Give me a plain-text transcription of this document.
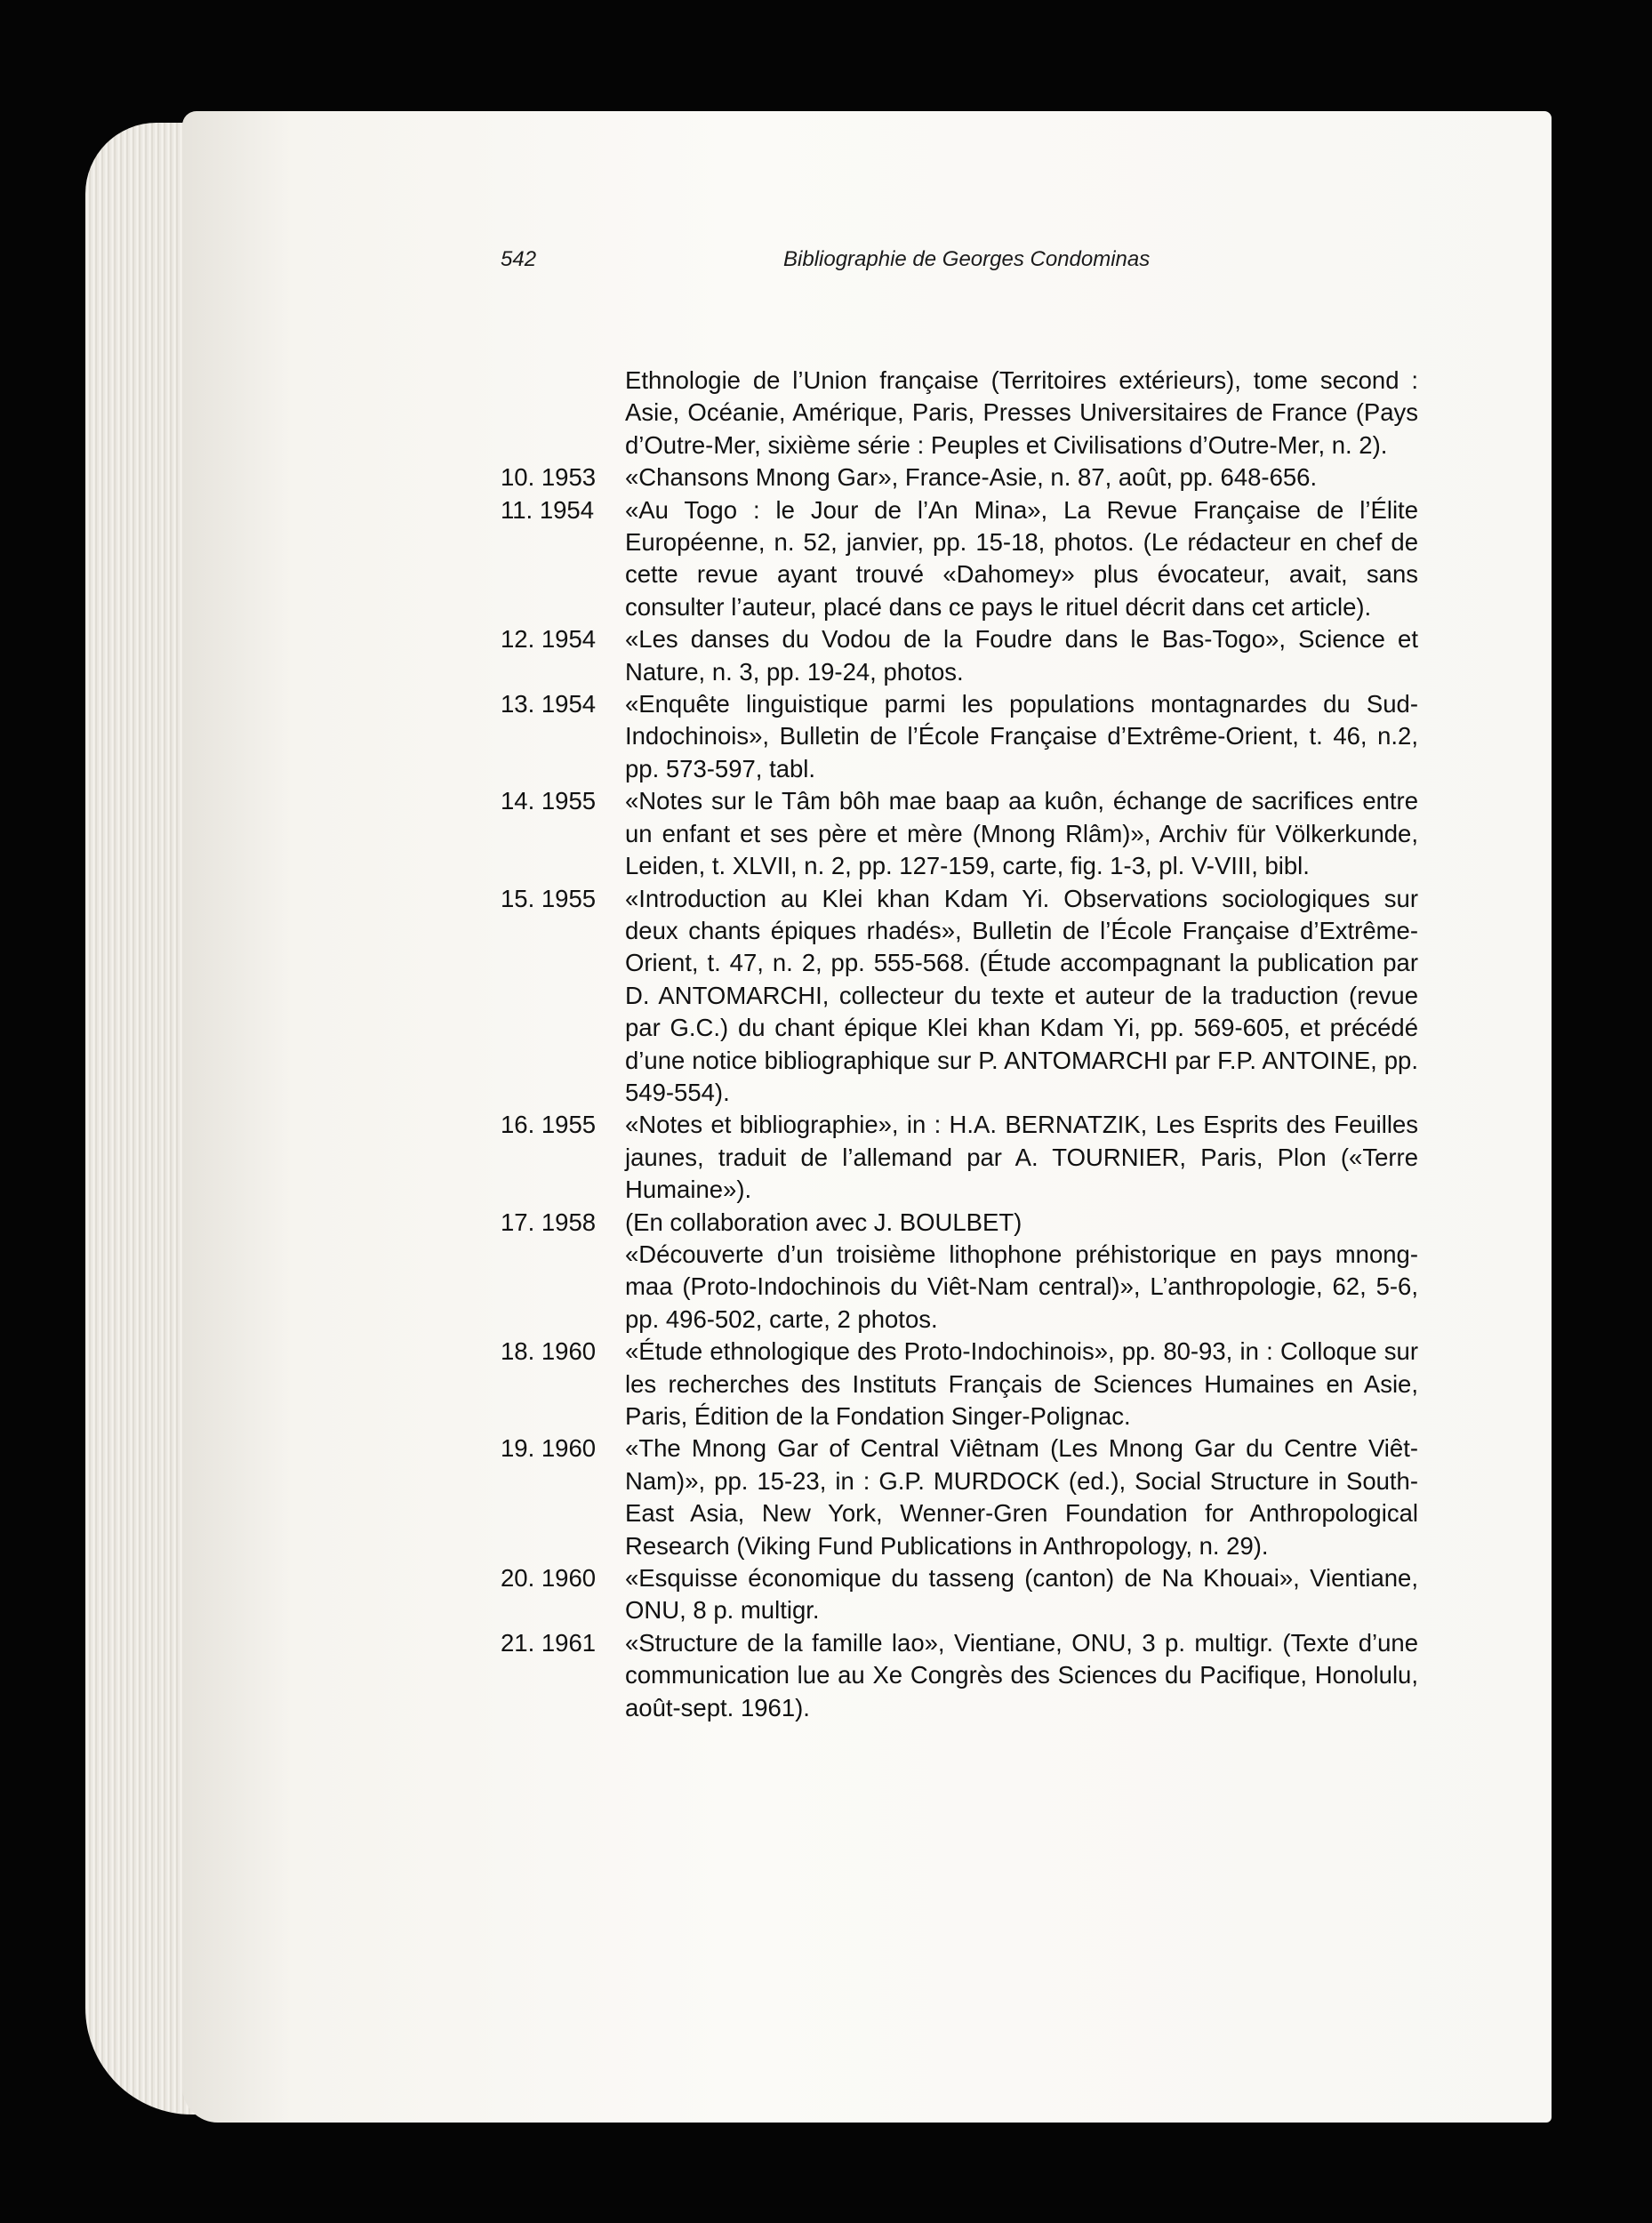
542	Bibliographie de Georges Condominas
Ethnologie de l’Union française (Territoires extérieurs), tome second : Asie, Océanie, Amérique, Paris, Presses Universitaires de France (Pays d’Outre-Mer, sixième série : Peuples et Civilisations d’Outre-Mer, n. 2).
10. 1953	«Chansons Mnong Gar», France-Asie, n. 87, août, pp. 648-656.
11. 1954	«Au Togo : le Jour de l’An Mina», La Revue Française de l’Élite Européenne, n. 52, janvier, pp. 15-18, photos. (Le rédacteur en chef de cette revue ayant trouvé «Dahomey» plus évocateur, avait, sans consulter l’auteur, placé dans ce pays le rituel décrit dans cet article).
12. 1954	«Les danses du Vodou de la Foudre dans le Bas-Togo», Science et Nature, n. 3, pp. 19-24, photos.
13. 1954	«Enquête linguistique parmi les populations montagnardes du Sud-Indochinois», Bulletin de l’École Française d’Extrême-Orient, t. 46, n.2, pp. 573-597, tabl.
14. 1955	«Notes sur le Tâm bôh mae baap aa kuôn, échange de sacrifices entre un enfant et ses père et mère (Mnong Rlâm)», Archiv für Völkerkunde, Leiden, t. XLVII, n. 2, pp. 127-159, carte, fig. 1-3, pl. V-VIII, bibl.
15. 1955	«Introduction au Klei khan Kdam Yi. Observations sociologiques sur deux chants épiques rhadés», Bulletin de l’École Française d’Extrême-Orient, t. 47, n. 2, pp. 555-568. (Étude accompagnant la publication par D. ANTOMARCHI, collecteur du texte et auteur de la traduction (revue par G.C.) du chant épique Klei khan Kdam Yi, pp. 569-605, et précédé d’une notice bibliographique sur P. ANTOMARCHI par F.P. ANTOINE, pp. 549-554).
16. 1955	«Notes et bibliographie», in : H.A. BERNATZIK, Les Esprits des Feuilles jaunes, traduit de l’allemand par A. TOURNIER, Paris, Plon («Terre Humaine»).
17. 1958	(En collaboration avec J. BOULBET)
«Découverte d’un troisième lithophone préhistorique en pays mnong-maa (Proto-Indochinois du Viêt-Nam central)», L’anthropologie, 62, 5-6, pp. 496-502, carte, 2 photos.
18. 1960	«Étude ethnologique des Proto-Indochinois», pp. 80-93, in : Colloque sur les recherches des Instituts Français de Sciences Humaines en Asie, Paris, Édition de la Fondation Singer-Polignac.
19. 1960	«The Mnong Gar of Central Viêtnam (Les Mnong Gar du Centre Viêt-Nam)», pp. 15-23, in : G.P. MURDOCK (ed.), Social Structure in South-East Asia, New York, Wenner-Gren Foundation for Anthropological Research (Viking Fund Publications in Anthropology, n. 29).
20. 1960	«Esquisse économique du tasseng (canton) de Na Khouai», Vientiane, ONU, 8 p. multigr.
21. 1961	«Structure de la famille lao», Vientiane, ONU, 3 p. multigr. (Texte d’une communication lue au Xe Congrès des Sciences du Pacifique, Honolulu, août-sept. 1961).
